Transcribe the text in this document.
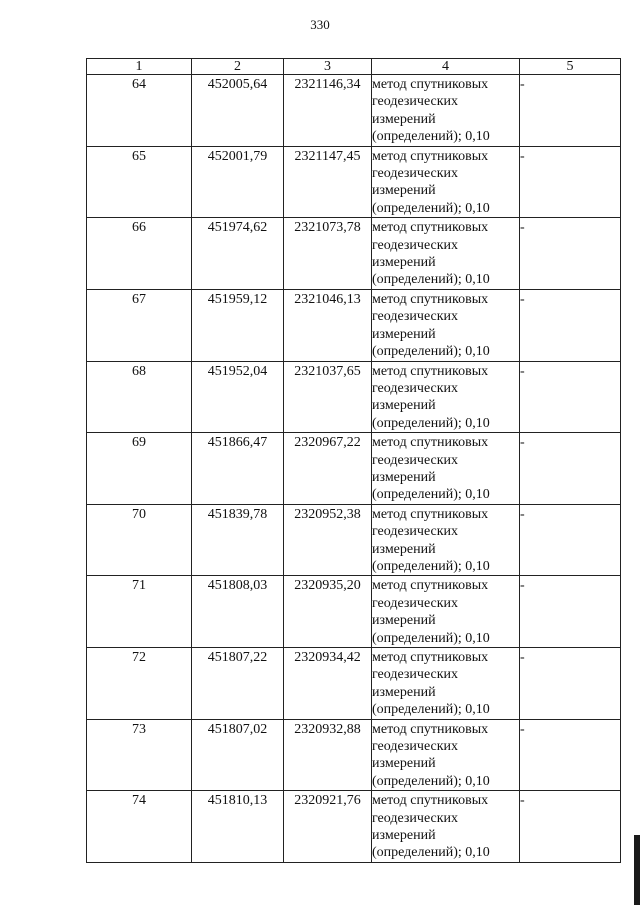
330
1	2	3	4	5
64	452005,64	2321146,34	метод спутниковых
геодезических
измерений
(определений); 0,10	-
65	452001,79	2321147,45	метод спутниковых
геодезических
измерений
(определений); 0,10	-
66	451974,62	2321073,78	метод спутниковых
геодезических
измерений
(определений); 0,10	-
67	451959,12	2321046,13	метод спутниковых
геодезических
измерений
(определений); 0,10	-
68	451952,04	2321037,65	метод спутниковых
геодезических
измерений
(определений); 0,10	-
69	451866,47	2320967,22	метод спутниковых
геодезических
измерений
(определений); 0,10	-
70	451839,78	2320952,38	метод спутниковых
геодезических
измерений
(определений); 0,10	-
71	451808,03	2320935,20	метод спутниковых
геодезических
измерений
(определений); 0,10	-
72	451807,22	2320934,42	метод спутниковых
геодезических
измерений
(определений); 0,10	-
73	451807,02	2320932,88	метод спутниковых
геодезических
измерений
(определений); 0,10	-
74	451810,13	2320921,76	метод спутниковых
геодезических
измерений
(определений); 0,10	-
